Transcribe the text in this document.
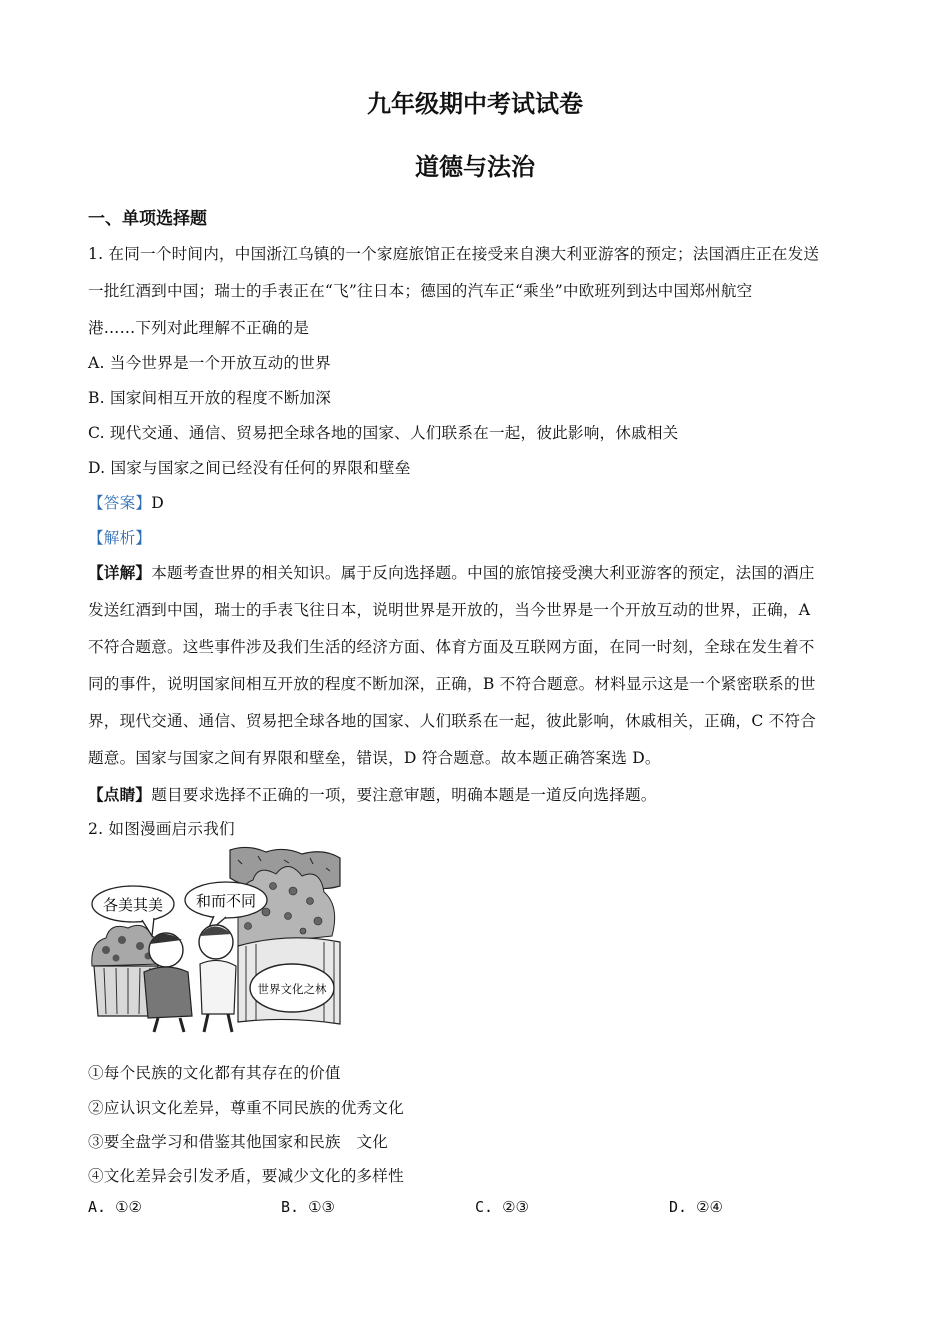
九年级期中考试试卷
道德与法治
一、单项选择题
1. 在同一个时间内，中国浙江乌镇的一个家庭旅馆正在接受来自澳大利亚游客的预定；法国酒庄正在发送
一批红酒到中国；瑞士的手表正在“飞”往日本；德国的汽车正“乘坐”中欧班列到达中国郑州航空
港……下列对此理解不正确的是
A. 当今世界是一个开放互动的世界
B. 国家间相互开放的程度不断加深
C. 现代交通、通信、贸易把全球各地的国家、人们联系在一起，彼此影响，休戚相关
D. 国家与国家之间已经没有任何的界限和壁垒
【答案】D
【解析】
【详解】本题考查世界的相关知识。属于反向选择题。中国的旅馆接受澳大利亚游客的预定，法国的酒庄
发送红酒到中国，瑞士的手表飞往日本，说明世界是开放的，当今世界是一个开放互动的世界，正确，A
不符合题意。这些事件涉及我们生活的经济方面、体育方面及互联网方面，在同一时刻，全球在发生着不
同的事件，说明国家间相互开放的程度不断加深，正确，B 不符合题意。材料显示这是一个紧密联系的世
界，现代交通、通信、贸易把全球各地的国家、人们联系在一起，彼此影响，休戚相关，正确，C 不符合
题意。国家与国家之间有界限和壁垒，错误，D 符合题意。故本题正确答案选 D。
【点睛】题目要求选择不正确的一项，要注意审题，明确本题是一道反向选择题。
2. 如图漫画启示我们
各美其美 和而不同
世界文化之林
①每个民族的文化都有其存在的价值
②应认识文化差异，尊重不同民族的优秀文化
③要全盘学习和借鉴其他国家和民族　文化
④文化差异会引发矛盾，要减少文化的多样性
A. ①②	B. ①③	C. ②③	D. ②④
